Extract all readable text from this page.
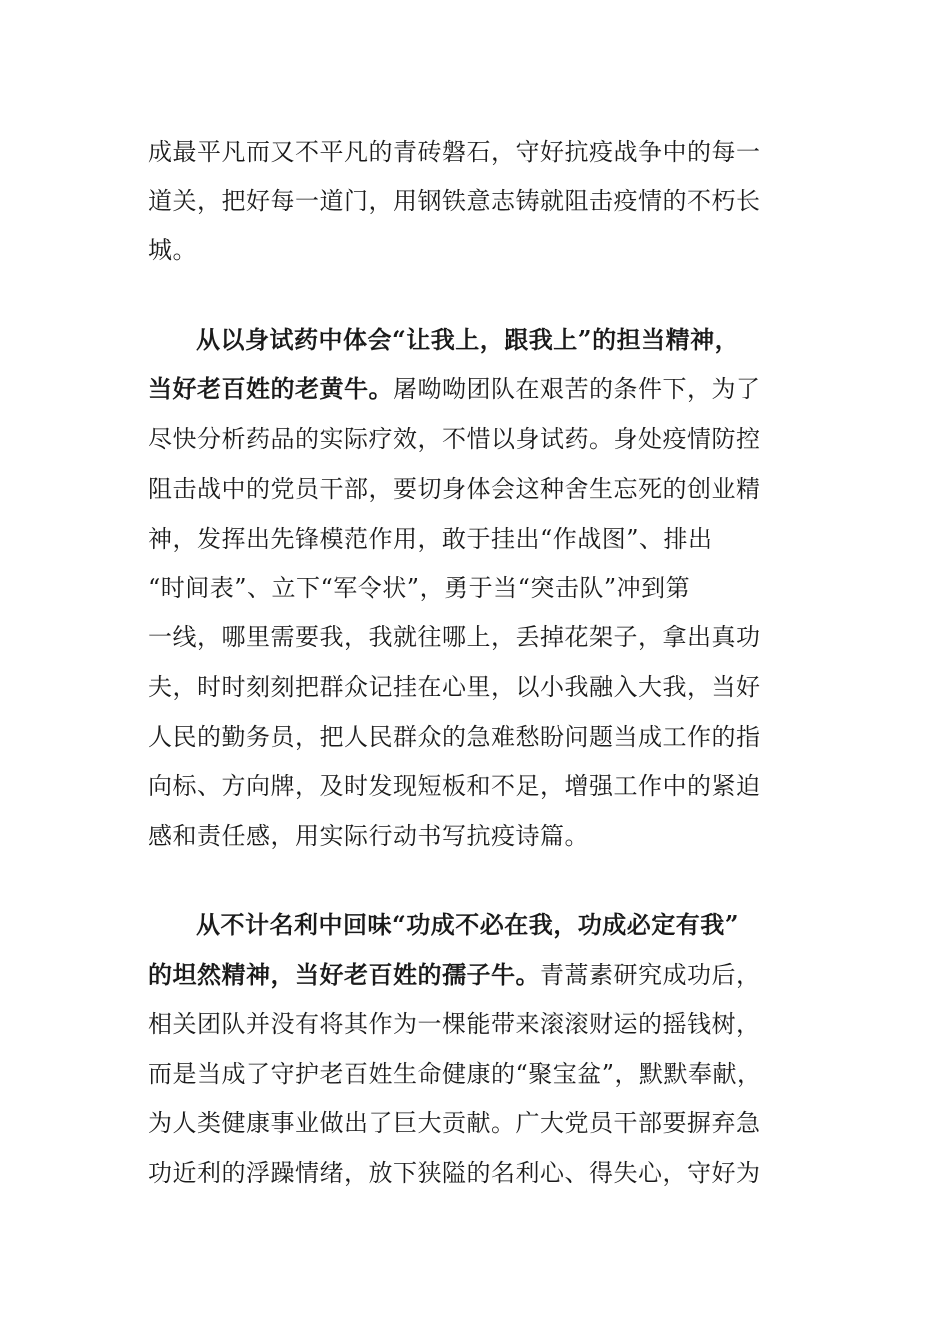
成最平凡而又不平凡的青砖磐石，守好抗疫战争中的每一
道关，把好每一道门，用钢铁意志铸就阻击疫情的不朽长
城。
从以身试药中体会“让我上，跟我上”的担当精神，
当好老百姓的老黄牛。屠呦呦团队在艰苦的条件下，为了
尽快分析药品的实际疗效，不惜以身试药。身处疫情防控
阻击战中的党员干部，要切身体会这种舍生忘死的创业精
神，发挥出先锋模范作用，敢于挂出“作战图”、排出
“时间表”、立下“军令状”，勇于当“突击队”冲到第
一线，哪里需要我，我就往哪上，丢掉花架子，拿出真功
夫，时时刻刻把群众记挂在心里，以小我融入大我，当好
人民的勤务员，把人民群众的急难愁盼问题当成工作的指
向标、方向牌，及时发现短板和不足，增强工作中的紧迫
感和责任感，用实际行动书写抗疫诗篇。
从不计名利中回味“功成不必在我，功成必定有我”
的坦然精神，当好老百姓的孺子牛。青蒿素研究成功后，
相关团队并没有将其作为一棵能带来滚滚财运的摇钱树，
而是当成了守护老百姓生命健康的“聚宝盆”，默默奉献，
为人类健康事业做出了巨大贡献。广大党员干部要摒弃急
功近利的浮躁情绪，放下狭隘的名利心、得失心，守好为
